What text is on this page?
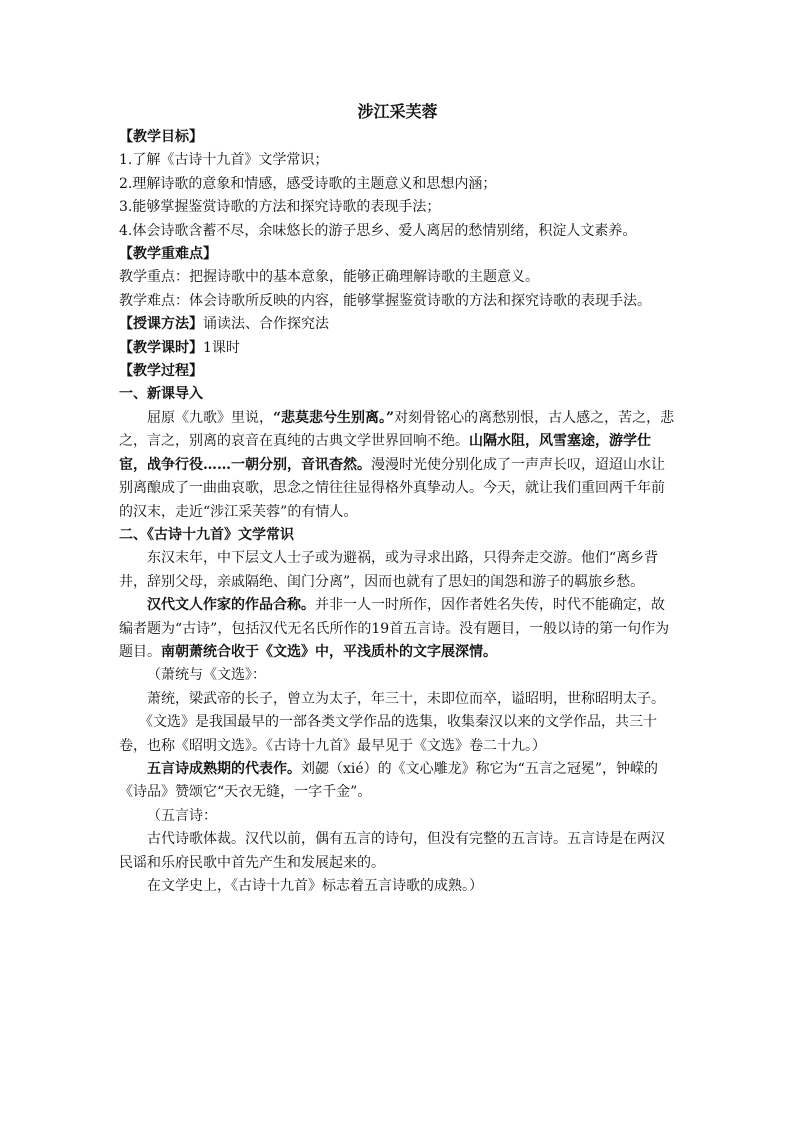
涉江采芙蓉

【教学目标】

1.了解《古诗十九首》文学常识；

2.理解诗歌的意象和情感，感受诗歌的主题意义和思想内涵；

3.能够掌握鉴赏诗歌的方法和探究诗歌的表现手法；

4.体会诗歌含蓄不尽，余味悠长的游子思乡、爱人离居的愁情别绪，积淀人文素养。

【教学重难点】

教学重点：把握诗歌中的基本意象，能够正确理解诗歌的主题意义。

教学难点：体会诗歌所反映的内容，能够掌握鉴赏诗歌的方法和探究诗歌的表现手法。

【授课方法】诵读法、合作探究法

【教学课时】1课时

【教学过程】

一、新课导入

屈原《九歌》里说，“悲莫悲兮生别离。”对刻骨铭心的离愁别恨，古人感之，苦之，悲之，言之，别离的哀音在真纯的古典文学世界回响不绝。山隔水阻，风雪塞途，游学仕宦，战争行役……一朝分别，音讯杳然。漫漫时光使分别化成了一声声长叹，迢迢山水让别离酿成了一曲曲哀歌，思念之情往往显得格外真挚动人。今天，就让我们重回两千年前的汉末，走近“涉江采芙蓉”的有情人。

二、《古诗十九首》文学常识

东汉末年，中下层文人士子或为避祸，或为寻求出路，只得奔走交游。他们“离乡背井，辞别父母，亲戚隔绝、闺门分离”，因而也就有了思妇的闺怨和游子的羁旅乡愁。

汉代文人作家的作品合称。并非一人一时所作，因作者姓名失传，时代不能确定，故编者题为“古诗”，包括汉代无名氏所作的19首五言诗。没有题目，一般以诗的第一句作为题目。南朝萧统合收于《文选》中，平浅质朴的文字展深情。

（萧统与《文选》：

萧统，梁武帝的长子，曾立为太子，年三十，未即位而卒，谥昭明，世称昭明太子。

《文选》是我国最早的一部各类文学作品的选集，收集秦汉以来的文学作品，共三十卷，也称《昭明文选》。《古诗十九首》最早见于《文选》卷二十九。）

五言诗成熟期的代表作。刘勰（xié）的《文心雕龙》称它为“五言之冠冕”，钟嵘的《诗品》赞颂它“天衣无缝，一字千金”。

（五言诗：

古代诗歌体裁。汉代以前，偶有五言的诗句，但没有完整的五言诗。五言诗是在两汉民谣和乐府民歌中首先产生和发展起来的。

在文学史上，《古诗十九首》标志着五言诗歌的成熟。）
